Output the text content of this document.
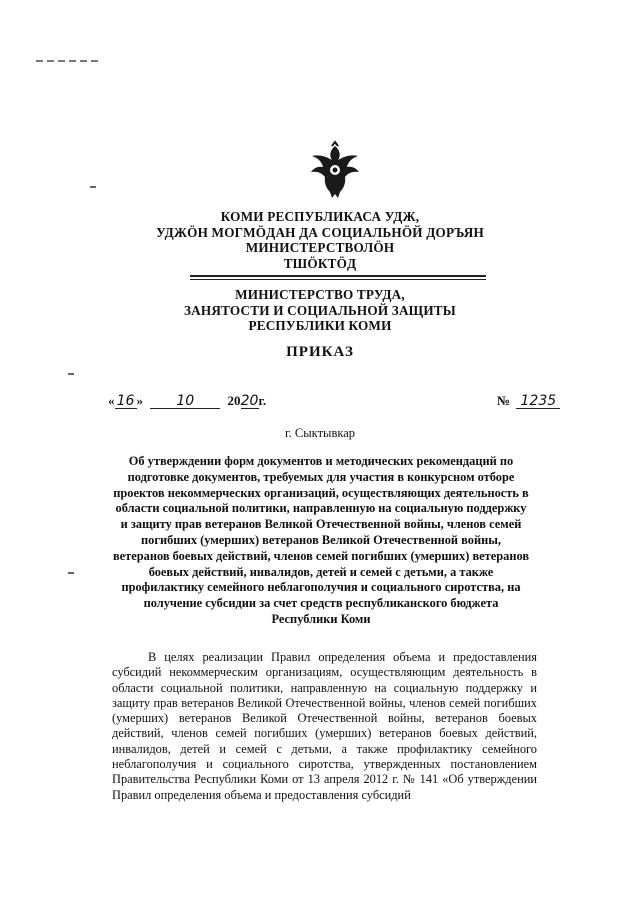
КОМИ РЕСПУБЛИКАСА УДЖ,
УДЖӦН МОГМӦДАН ДА СОЦИАЛЬНӦЙ ДОРЪЯН
МИНИСТЕРСТВОЛӦН
ТШӦКТӦД
МИНИСТЕРСТВО ТРУДА,
ЗАНЯТОСТИ И СОЦИАЛЬНОЙ ЗАЩИТЫ
РЕСПУБЛИКИ КОМИ
ПРИКАЗ
« 16 » 10	2020г.	№ 1235
г. Сыктывкар
Об утверждении форм документов и методических рекомендаций по
подготовке документов, требуемых для участия в конкурсном отборе
проектов некоммерческих организаций, осуществляющих деятельность в
области социальной политики, направленную на социальную поддержку
и защиту прав ветеранов Великой Отечественной войны, членов семей
погибших (умерших) ветеранов Великой Отечественной войны,
ветеранов боевых действий, членов семей погибших (умерших) ветеранов
боевых действий, инвалидов, детей и семей с детьми, а также
профилактику семейного неблагополучия и социального сиротства, на
получение субсидии за счет средств республиканского бюджета
Республики Коми

В целях реализации Правил определения объема и предоставления субсидий некоммерческим организациям, осуществляющим деятельность в области социальной политики, направленную на социальную поддержку и защиту прав ветеранов Великой Отечественной войны, членов семей погибших (умерших) ветеранов Великой Отечественной войны, ветеранов боевых действий, членов семей погибших (умерших) ветеранов боевых действий, инвалидов, детей и семей с детьми, а также профилактику семейного неблагополучия и социального сиротства, утвержденных постановлением Правительства Республики Коми от 13 апреля 2012 г. № 141 «Об утверждении Правил определения объема и предоставления субсидий
